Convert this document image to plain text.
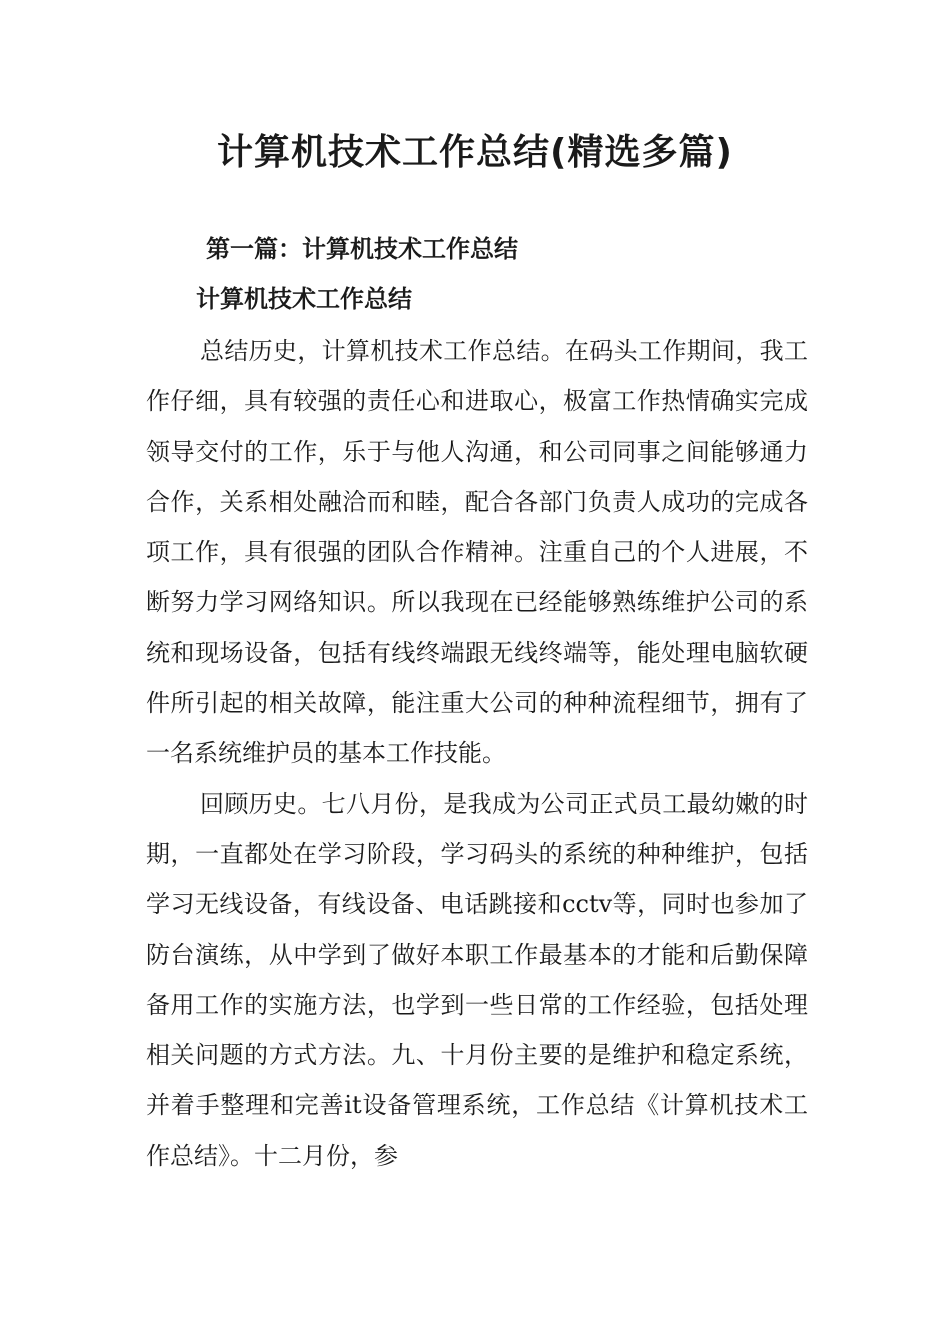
计算机技术工作总结(精选多篇)
第一篇：计算机技术工作总结
计算机技术工作总结

总结历史，计算机技术工作总结。在码头工作期间，我工作仔细，具有较强的责任心和进取心，极富工作热情确实完成领导交付的工作，乐于与他人沟通，和公司同事之间能够通力合作，关系相处融洽而和睦，配合各部门负责人成功的完成各项工作，具有很强的团队合作精神。注重自己的个人进展，不断努力学习网络知识。所以我现在已经能够熟练维护公司的系统和现场设备，包括有线终端跟无线终端等，能处理电脑软硬件所引起的相关故障，能注重大公司的种种流程细节，拥有了一名系统维护员的基本工作技能。

回顾历史。七八月份，是我成为公司正式员工最幼嫩的时期，一直都处在学习阶段，学习码头的系统的种种维护，包括学习无线设备，有线设备、电话跳接和cctv等，同时也参加了防台演练，从中学到了做好本职工作最基本的才能和后勤保障备用工作的实施方法，也学到一些日常的工作经验，包括处理相关问题的方式方法。九、十月份主要的是维护和稳定系统，并着手整理和完善it设备管理系统，工作总结《计算机技术工作总结》。十二月份，参
